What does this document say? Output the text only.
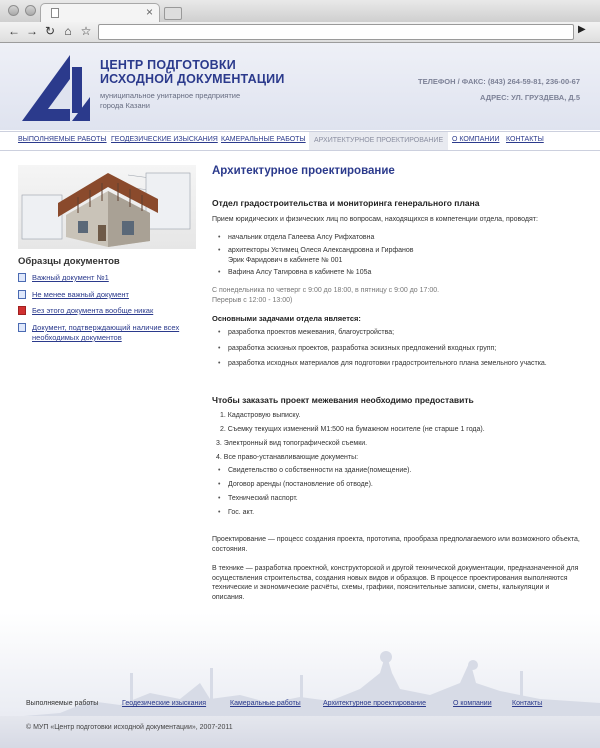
×
← → ↻ ⌂ ☆	▶
ЦЕНТР ПОДГОТОВКИ
ИСХОДНОЙ ДОКУМЕНТАЦИИ
муниципальное унитарное предприятие
города Казани
ТЕЛЕФОН / ФАКС: (843) 264-59-81, 236-00-67
АДРЕС: УЛ. ГРУЗДЕВА, Д.5
ВЫПОЛНЯЕМЫЕ РАБОТЫ ГЕОДЕЗИЧЕСКИЕ ИЗЫСКАНИЯ КАМЕРАЛЬНЫЕ РАБОТЫ	АРХИТЕКТУРНОЕ ПРОЕКТИРОВАНИЕ	О КОМПАНИИ КОНТАКТЫ
Образцы документов
Важный документ №1
Не менее важный документ
Без этого документа вообще никак
Документ, подтверждающий наличие всех необходимых документов
Архитектурное проектирование
Отдел градостроительства и мониторинга генерального плана
Прием юридических и физических лиц по вопросам, находящихся в компетенции отдела, проводят:
• начальник отдела Галеева Алсу Рифхатовна
• архитекторы Устимец Олеся Александровна и Гирфанов Эрик Фаридович в кабинете № 001
• Вафина Алсу Тагировна в кабинете № 105а
С понедельника по четверг с 9:00 до 18:00, в пятницу с 9:00 до 17:00.
Перерыв с 12:00 - 13:00)
Основными задачами отдела является:
• разработка проектов межевания, благоустройства;
• разработка эскизных проектов, разработка эскизных предложений входных групп;
• разработка исходных материалов для подготовки градостроительного плана земельного участка.
Чтобы заказать проект межевания необходимо предоставить
1. Кадастровую выписку.
2. Съемку текущих изменений М1:500 на бумажном носителе (не старше 1 года).
3. Электронный вид топографической съемки.
4. Все право-устанавливающие документы:
• Свидетельство о собственности на здание(помещение).
• Договор аренды (постановление об отводе).
• Технический паспорт.
• Гос. акт.
Проектирование — процесс создания проекта, прототипа, прообраза предполагаемого или возможного объекта, состояния.
В технике — разработка проектной, конструкторской и другой технической документации, предназначенной для осуществления строительства, создания новых видов и образцов. В процессе проектирования выполняются технические и экономические расчёты, схемы, графики, пояснительные записки, сметы, калькуляции и описания.
Выполняемые работы	Геодезические изыскания	Камеральные работы	Архитектурное проектирование	О компании	Контакты
© МУП «Центр подготовки исходной документации», 2007-2011
